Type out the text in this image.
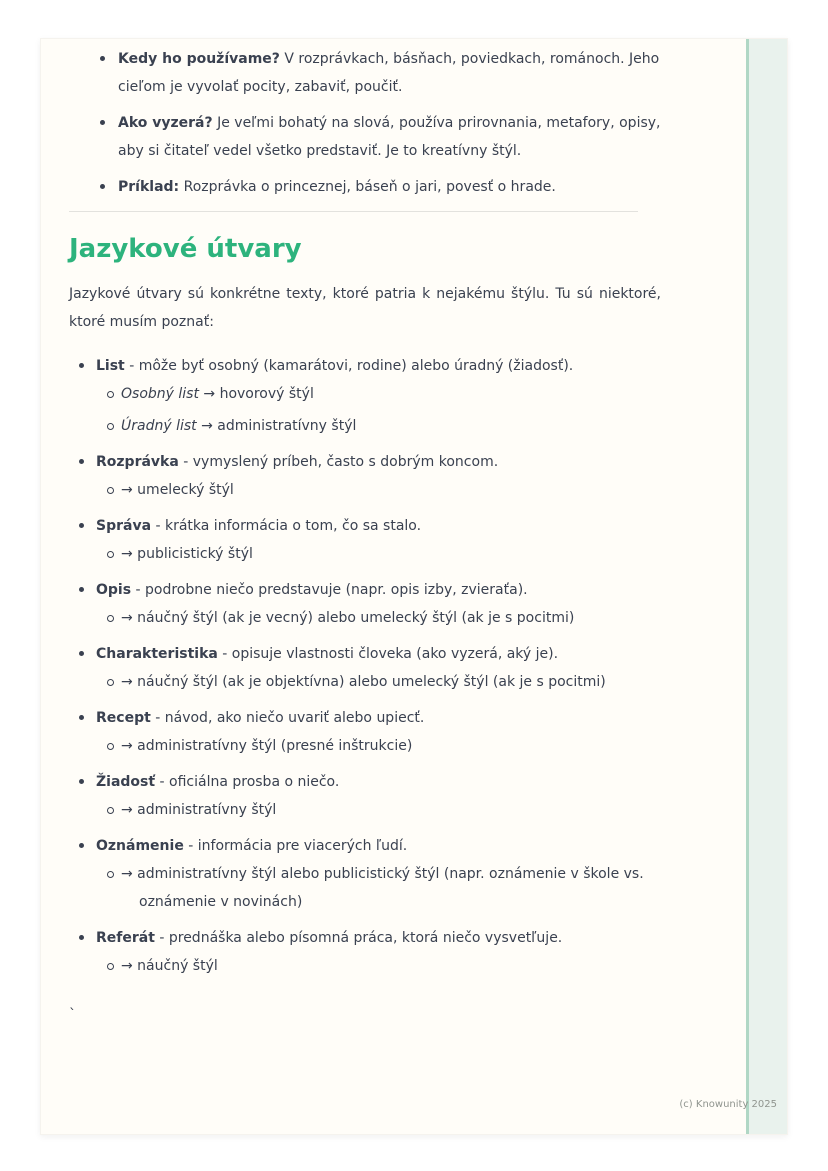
Kedy ho používame? V rozprávkach, básňach, poviedkach, románoch. Jeho cieľom je vyvolať pocity, zabaviť, poučiť.
Ako vyzerá? Je veľmi bohatý na slová, používa prirovnania, metafory, opisy, aby si čitateľ vedel všetko predstaviť. Je to kreatívny štýl.
Príklad: Rozprávka o princeznej, báseň o jari, povesť o hrade.
Jazykové útvary

Jazykové útvary sú konkrétne texty, ktoré patria k nejakému štýlu. Tu sú niektoré, ktoré musím poznať:

List - môže byť osobný (kamarátovi, rodine) alebo úradný (žiadosť).
Osobný list → hovorový štýl
Úradný list → administratívny štýl
Rozprávka - vymyslený príbeh, často s dobrým koncom.
→ umelecký štýl
Správa - krátka informácia o tom, čo sa stalo.
→ publicistický štýl
Opis - podrobne niečo predstavuje (napr. opis izby, zvieraťa).
→ náučný štýl (ak je vecný) alebo umelecký štýl (ak je s pocitmi)
Charakteristika - opisuje vlastnosti človeka (ako vyzerá, aký je).
→ náučný štýl (ak je objektívna) alebo umelecký štýl (ak je s pocitmi)
Recept - návod, ako niečo uvariť alebo upiecť.
→ administratívny štýl (presné inštrukcie)
Žiadosť - oficiálna prosba o niečo.
→ administratívny štýl
Oznámenie - informácia pre viacerých ľudí.
→ administratívny štýl alebo publicistický štýl (napr. oznámenie v škole vs. oznámenie v novinách)
Referát - prednáška alebo písomná práca, ktorá niečo vysvetľuje.
→ náučný štýl
`
(c) Knowunity 2025
